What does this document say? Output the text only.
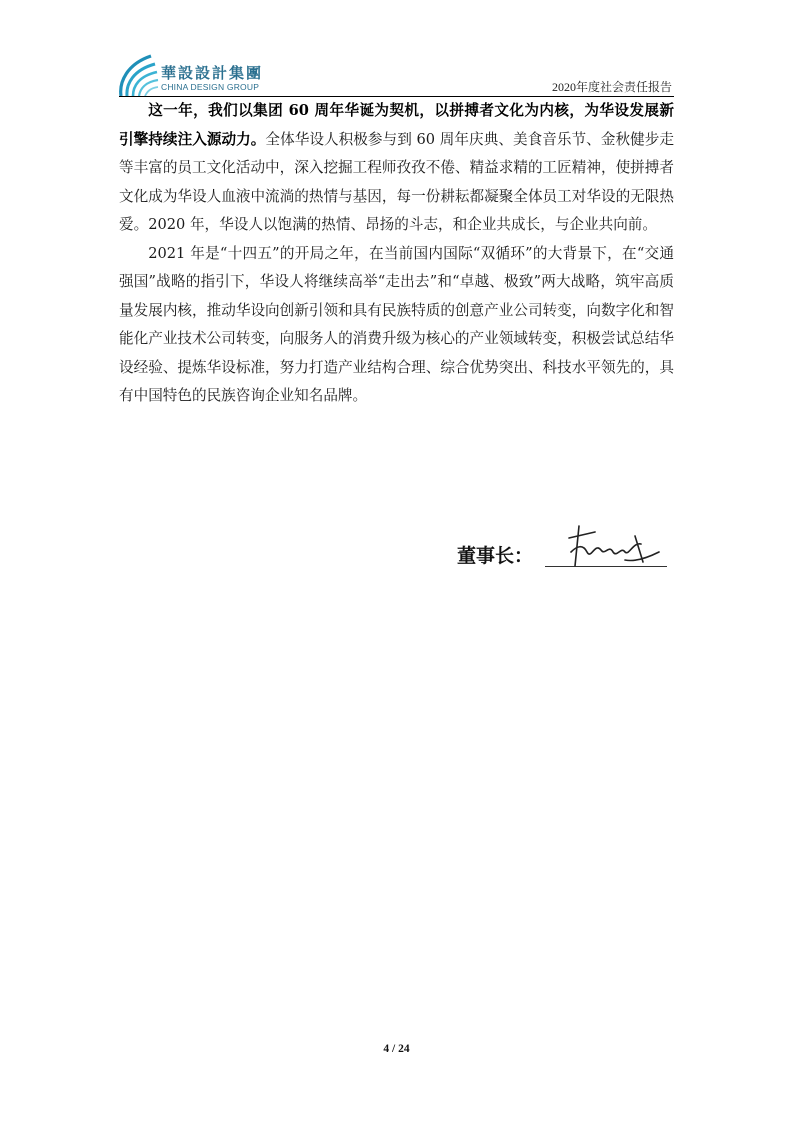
華設設計集團
CHINA DESIGN GROUP	2020年度社会责任报告

这一年，我们以集团 60 周年华诞为契机，以拼搏者文化为内核，为华设发展新引擎持续注入源动力。全体华设人积极参与到 60 周年庆典、美食音乐节、金秋健步走等丰富的员工文化活动中，深入挖掘工程师孜孜不倦、精益求精的工匠精神，使拼搏者文化成为华设人血液中流淌的热情与基因，每一份耕耘都凝聚全体员工对华设的无限热爱。2020 年，华设人以饱满的热情、昂扬的斗志，和企业共成长，与企业共向前。

2021 年是“十四五”的开局之年，在当前国内国际“双循环”的大背景下，在“交通强国”战略的指引下，华设人将继续高举“走出去”和“卓越、极致”两大战略，筑牢高质量发展内核，推动华设向创新引领和具有民族特质的创意产业公司转变，向数字化和智能化产业技术公司转变，向服务人的消费升级为核心的产业领域转变，积极尝试总结华设经验、提炼华设标准，努力打造产业结构合理、综合优势突出、科技水平领先的，具有中国特色的民族咨询企业知名品牌。

董事长：
4 / 24
